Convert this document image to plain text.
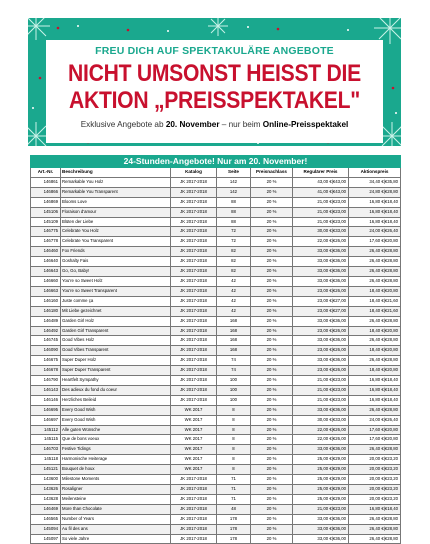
FREU DICH AUF SPEKTAKULÄRE ANGEBOTE
NICHT UMSONST HEISST DIE
AKTION „PREISSPEKTAKEL"
Exklusive Angebote ab 20. November – nur beim Online-Preisspektakel
24-Stunden-Angebote! Nur am 20. November!						
Art.-Nr.	Beschreibung	Katalog	Seite	Preisnachlass	Regulärer Preis	Aktionspreis
146861	Remarkable You Holz	JK 2017-2018	142	20 %	43,00 €|€43,00	34,40 €|€35,80
146866	Remarkable You Transparent	JK 2017-2018	142	20 %	41,00 €|€43,00	24,80 €|€28,80
146869	Blooms Love	JK 2017-2018	88	20 %	21,00 €|€23,00	16,80 €|€18,40
145106	Floraison d'amour	JK 2017-2018	88	20 %	21,00 €|€23,00	16,80 €|€18,40
145109	Blüten der Liebe	JK 2017-2018	88	20 %	21,00 €|€23,00	16,80 €|€18,40
146775	Celebrate You Holz	JK 2017-2018	72	20 %	30,00 €|€33,00	24,00 €|€26,40
146778	Celebrate You Transparent	JK 2017-2018	72	20 %	22,00 €|€26,00	17,60 €|€20,80
146460	Fox Friends	JK 2017-2018	82	20 %	33,00 €|€36,00	26,40 €|€28,80
146640	Goshalty Fais	JK 2017-2018	82	20 %	33,00 €|€36,00	26,40 €|€28,80
146643	Go, Go, Baby!	JK 2017-2018	82	20 %	33,00 €|€36,00	26,40 €|€28,80
146660	You're so Sweet Holz	JK 2017-2018	42	20 %	33,00 €|€36,00	26,40 €|€28,80
146663	You're so Sweet Transparent	JK 2017-2018	42	20 %	23,00 €|€26,00	18,40 €|€20,80
146160	Juste comme ça	JK 2017-2018	42	20 %	23,00 €|€27,00	18,40 €|€21,60
146180	Mit Liebe gezeichnet	JK 2017-2018	42	20 %	23,00 €|€27,00	18,40 €|€21,60
146489	Garden Girl Holz	JK 2017-2018	168	20 %	33,00 €|€36,00	26,40 €|€28,80
146492	Garden Girl Transparent	JK 2017-2018	168	20 %	23,00 €|€26,00	18,40 €|€20,80
146745	Good Vibes Holz	JK 2017-2018	168	20 %	33,00 €|€36,00	26,40 €|€28,80
146090	Good Vibes Transparent	JK 2017-2018	168	20 %	23,00 €|€26,00	18,40 €|€20,80
146675	Super Duper Holz	JK 2017-2018	74	20 %	33,00 €|€36,00	26,40 €|€28,80
146678	Super Duper Transparent	JK 2017-2018	74	20 %	23,00 €|€26,00	18,40 €|€20,80
146790	Heartfelt Sympathy	JK 2017-2018	100	20 %	21,00 €|€23,00	16,80 €|€18,40
146143	Des adieux du fond du coeur	JK 2017-2018	100	20 %	21,00 €|€23,00	16,80 €|€18,40
146146	Herzliches Beileid	JK 2017-2018	100	20 %	21,00 €|€23,00	16,80 €|€18,40
146695	Every Good Wish	WK 2017	8	20 %	33,00 €|€36,00	26,40 €|€28,80
146697	Every Good Wish	WK 2017	8	20 %	30,00 €|€33,00	24,00 €|€26,40
145112	Alle guten Wünsche	WK 2017	8	20 %	22,00 €|€26,00	17,60 €|€20,80
145115	Que de bons voeux	WK 2017	8	20 %	22,00 €|€26,00	17,60 €|€20,80
146703	Festive Tidings	WK 2017	8	20 %	33,00 €|€36,00	26,40 €|€28,80
145118	Harmonische Heiterage	WK 2017	8	20 %	25,00 €|€29,00	20,00 €|€23,20
145121	Bouquet de houx	WK 2017	8	20 %	25,00 €|€29,00	20,00 €|€23,20
143600	Milestone Moments	JK 2017-2018	71	20 %	25,00 €|€29,00	20,00 €|€23,20
143626	Rosaligner	JK 2017-2018	71	20 %	25,00 €|€29,00	20,00 €|€23,20
143628	Meilensteine	JK 2017-2018	71	20 %	25,00 €|€29,00	20,00 €|€23,20
146469	More than Chocolate	JK 2017-2018	48	20 %	21,00 €|€23,00	16,80 €|€18,40
146565	Number of Years	JK 2017-2018	178	20 %	33,00 €|€36,00	26,40 €|€28,80
145094	Au fil des ans	JK 2017-2018	178	20 %	33,00 €|€36,00	26,40 €|€28,80
145097	So viele Jahre	JK 2017-2018	178	20 %	33,00 €|€36,00	26,40 €|€28,80
